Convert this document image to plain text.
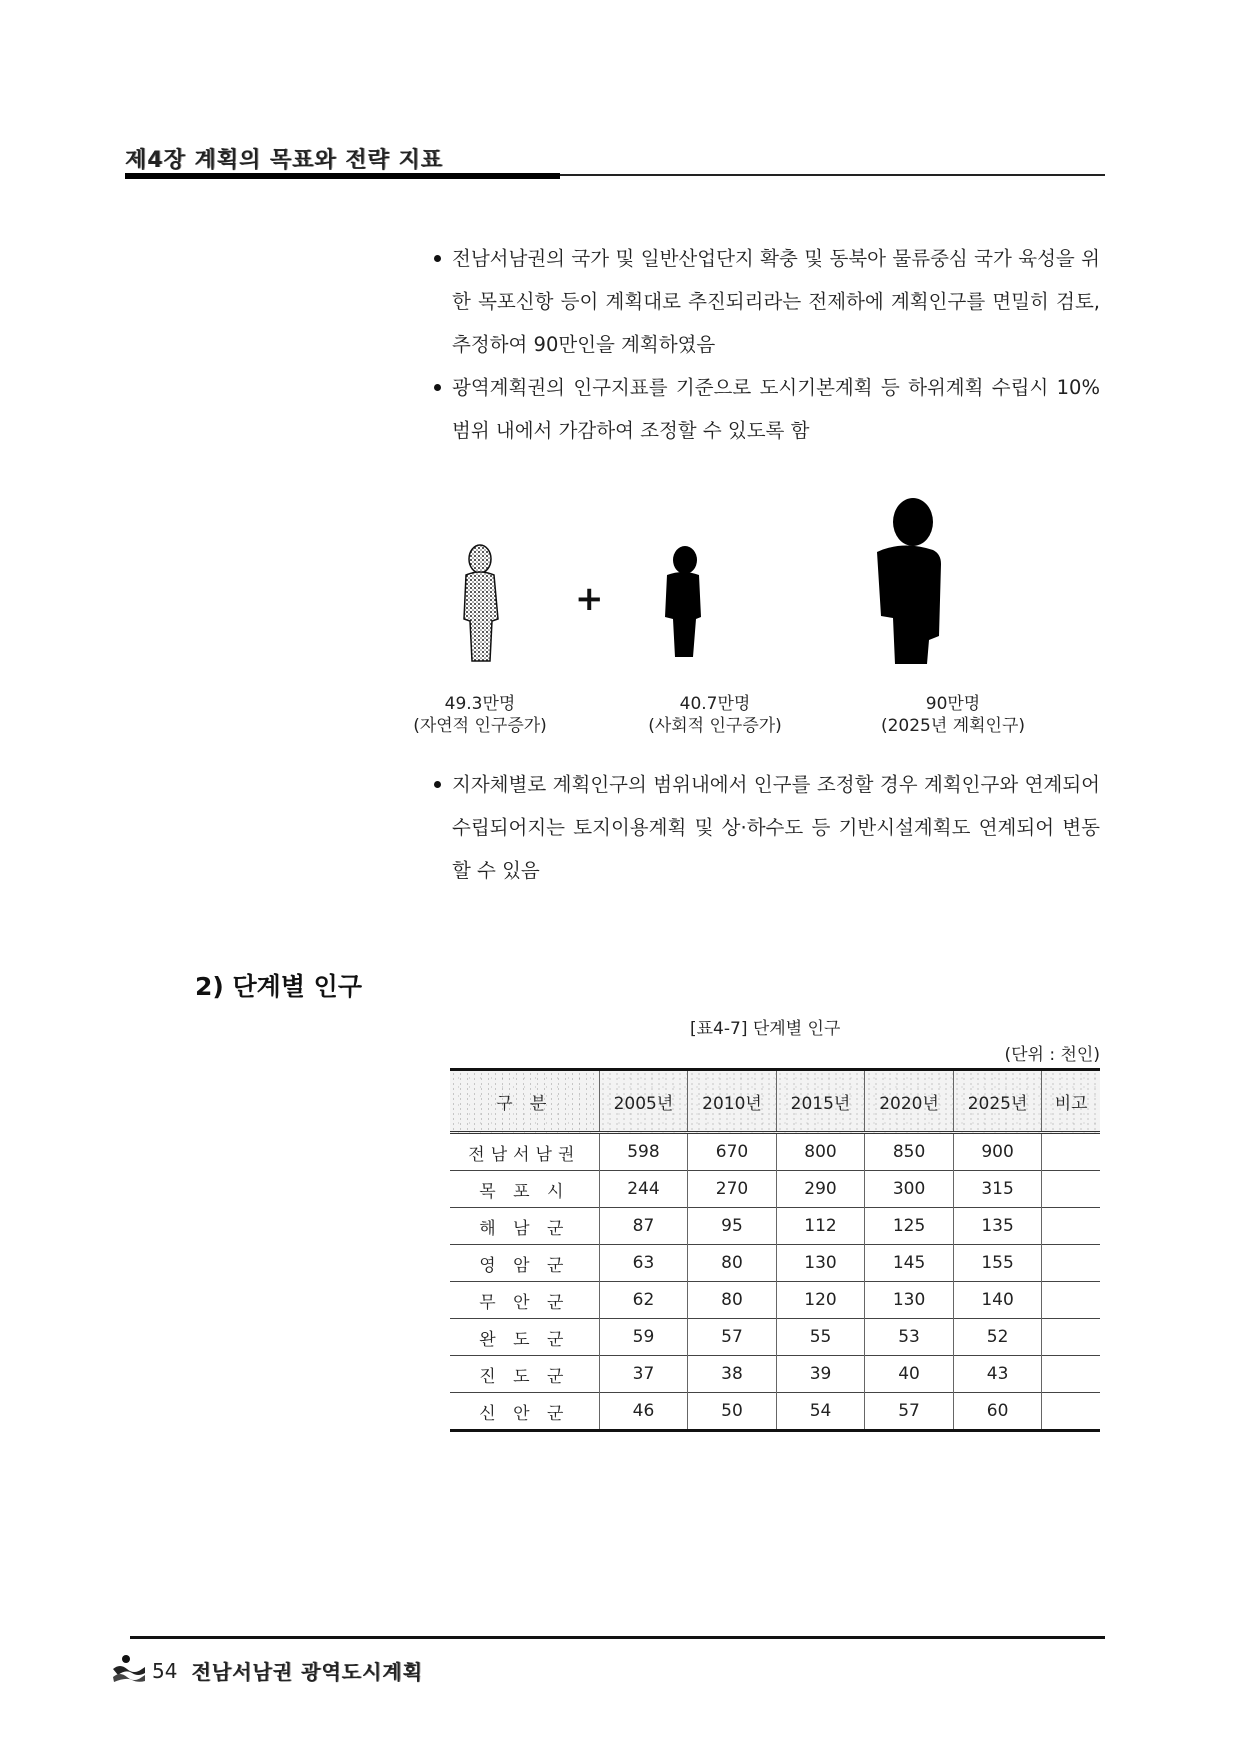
제4장 계획의 목표와 전략 지표
전남서남권의 국가 및 일반산업단지 확충 및 동북아 물류중심 국가 육성을 위한 목포신항 등이 계획대로 추진되리라는 전제하에 계획인구를 면밀히 검토, 추정하여 90만인을 계획하였음
광역계획권의 인구지표를 기준으로 도시기본계획 등 하위계획 수립시 10% 범위 내에서 가감하여 조정할 수 있도록 함
+
49.3만명
(자연적 인구증가)
40.7만명
(사회적 인구증가)
90만명
(2025년 계획인구)
지자체별로 계획인구의 범위내에서 인구를 조정할 경우 계획인구와 연계되어 수립되어지는 토지이용계획 및 상·하수도 등 기반시설계획도 연계되어 변동할 수 있음
2) 단계별 인구
[표4-7] 단계별 인구
(단위 : 천인)
구 분	2005년	2010년	2015년	2020년	2025년	비고
전남서남권	598	670	800	850	900	
목 포 시	244	270	290	300	315	
해 남 군	87	95	112	125	135	
영 암 군	63	80	130	145	155	
무 안 군	62	80	120	130	140	
완 도 군	59	57	55	53	52	
진 도 군	37	38	39	40	43	
신 안 군	46	50	54	57	60	
54 전남서남권 광역도시계획
